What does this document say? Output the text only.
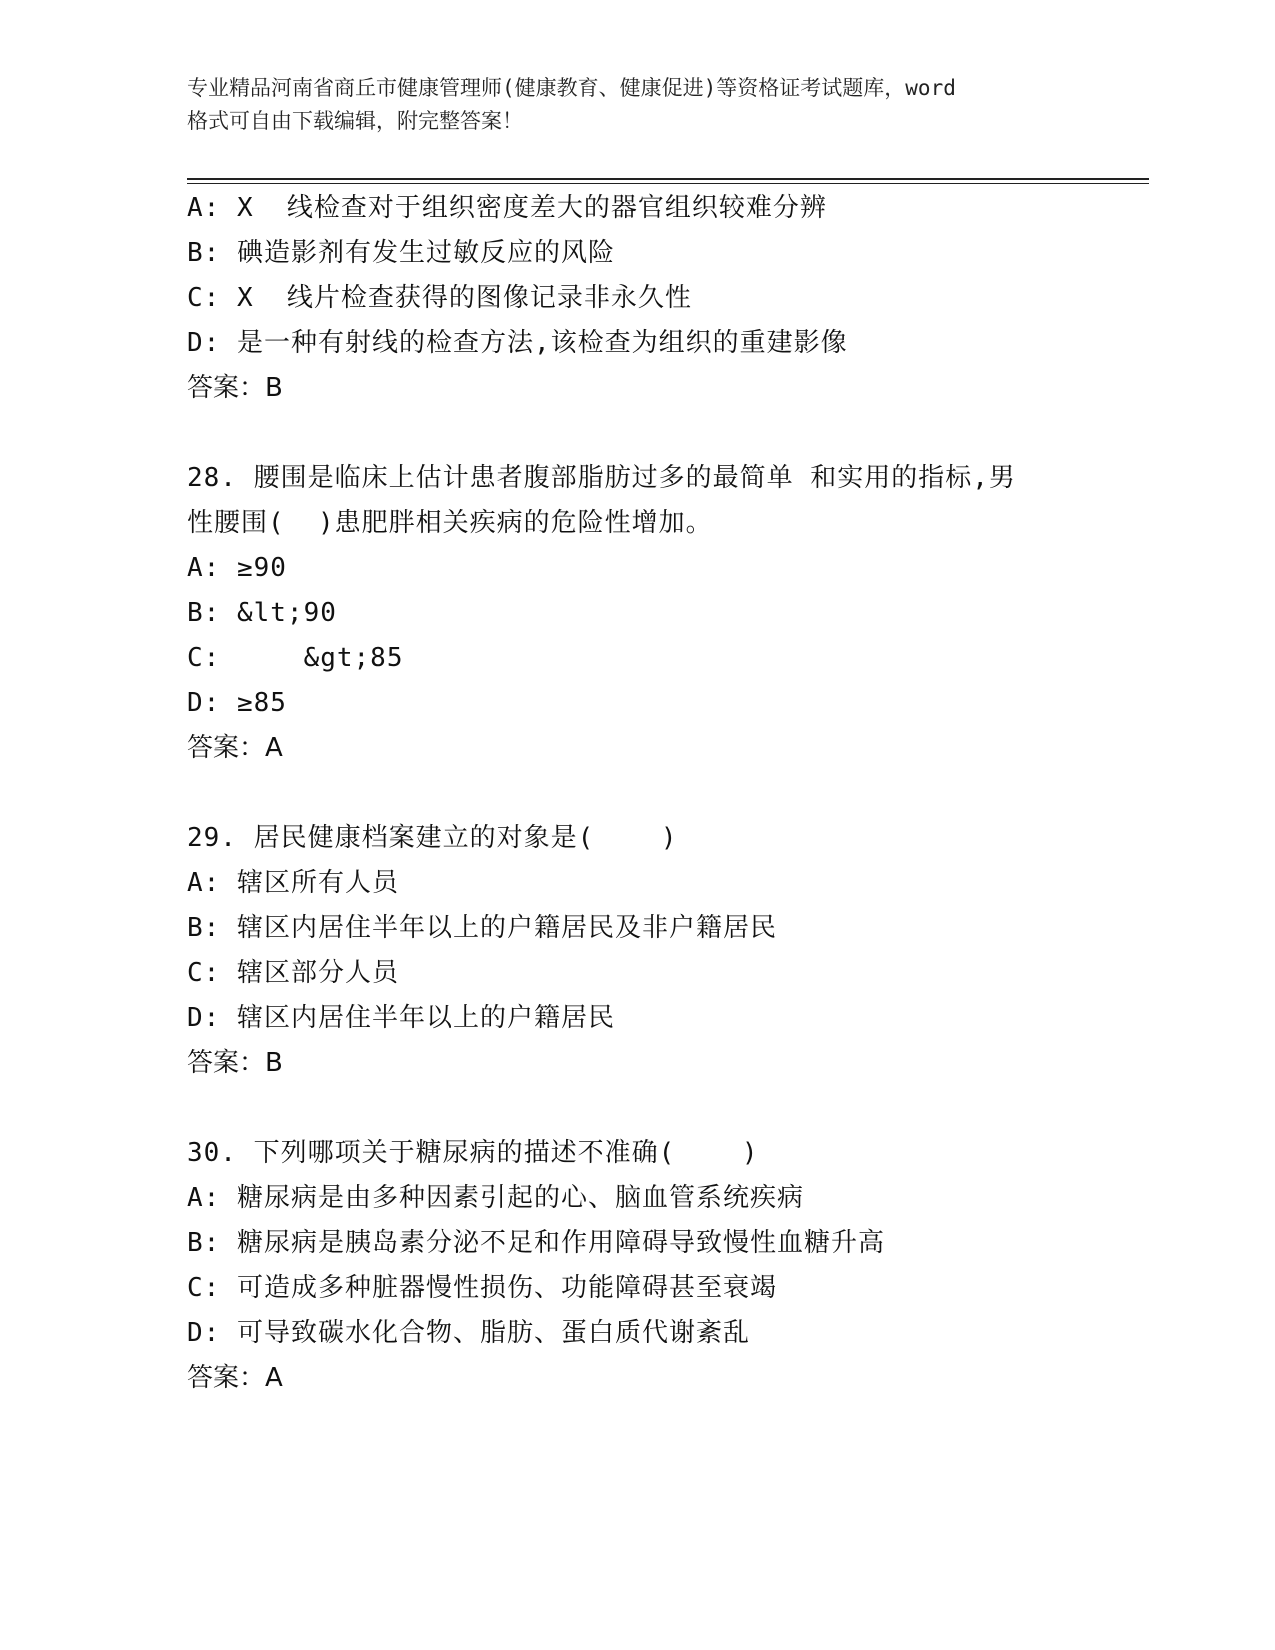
专业精品河南省商丘市健康管理师(健康教育、健康促进)等资格证考试题库，word

格式可自由下载编辑，附完整答案！

A: X  线检查对于组织密度差大的器官组织较难分辨
B: 碘造影剂有发生过敏反应的风险
C: X  线片检查获得的图像记录非永久性
D: 是一种有射线的检查方法,该检查为组织的重建影像
答案：B
28. 腰围是临床上估计患者腹部脂肪过多的最简单 和实用的指标,男
性腰围(  )患肥胖相关疾病的危险性增加。
A: ≥90
B: &lt;90
C:     &gt;85
D: ≥85
答案：A
29. 居民健康档案建立的对象是(    )
A: 辖区所有人员
B: 辖区内居住半年以上的户籍居民及非户籍居民
C: 辖区部分人员
D: 辖区内居住半年以上的户籍居民
答案：B
30. 下列哪项关于糖尿病的描述不准确(    )
A: 糖尿病是由多种因素引起的心、脑血管系统疾病
B: 糖尿病是胰岛素分泌不足和作用障碍导致慢性血糖升高
C: 可造成多种脏器慢性损伤、功能障碍甚至衰竭
D: 可导致碳水化合物、脂肪、蛋白质代谢紊乱
答案：A
